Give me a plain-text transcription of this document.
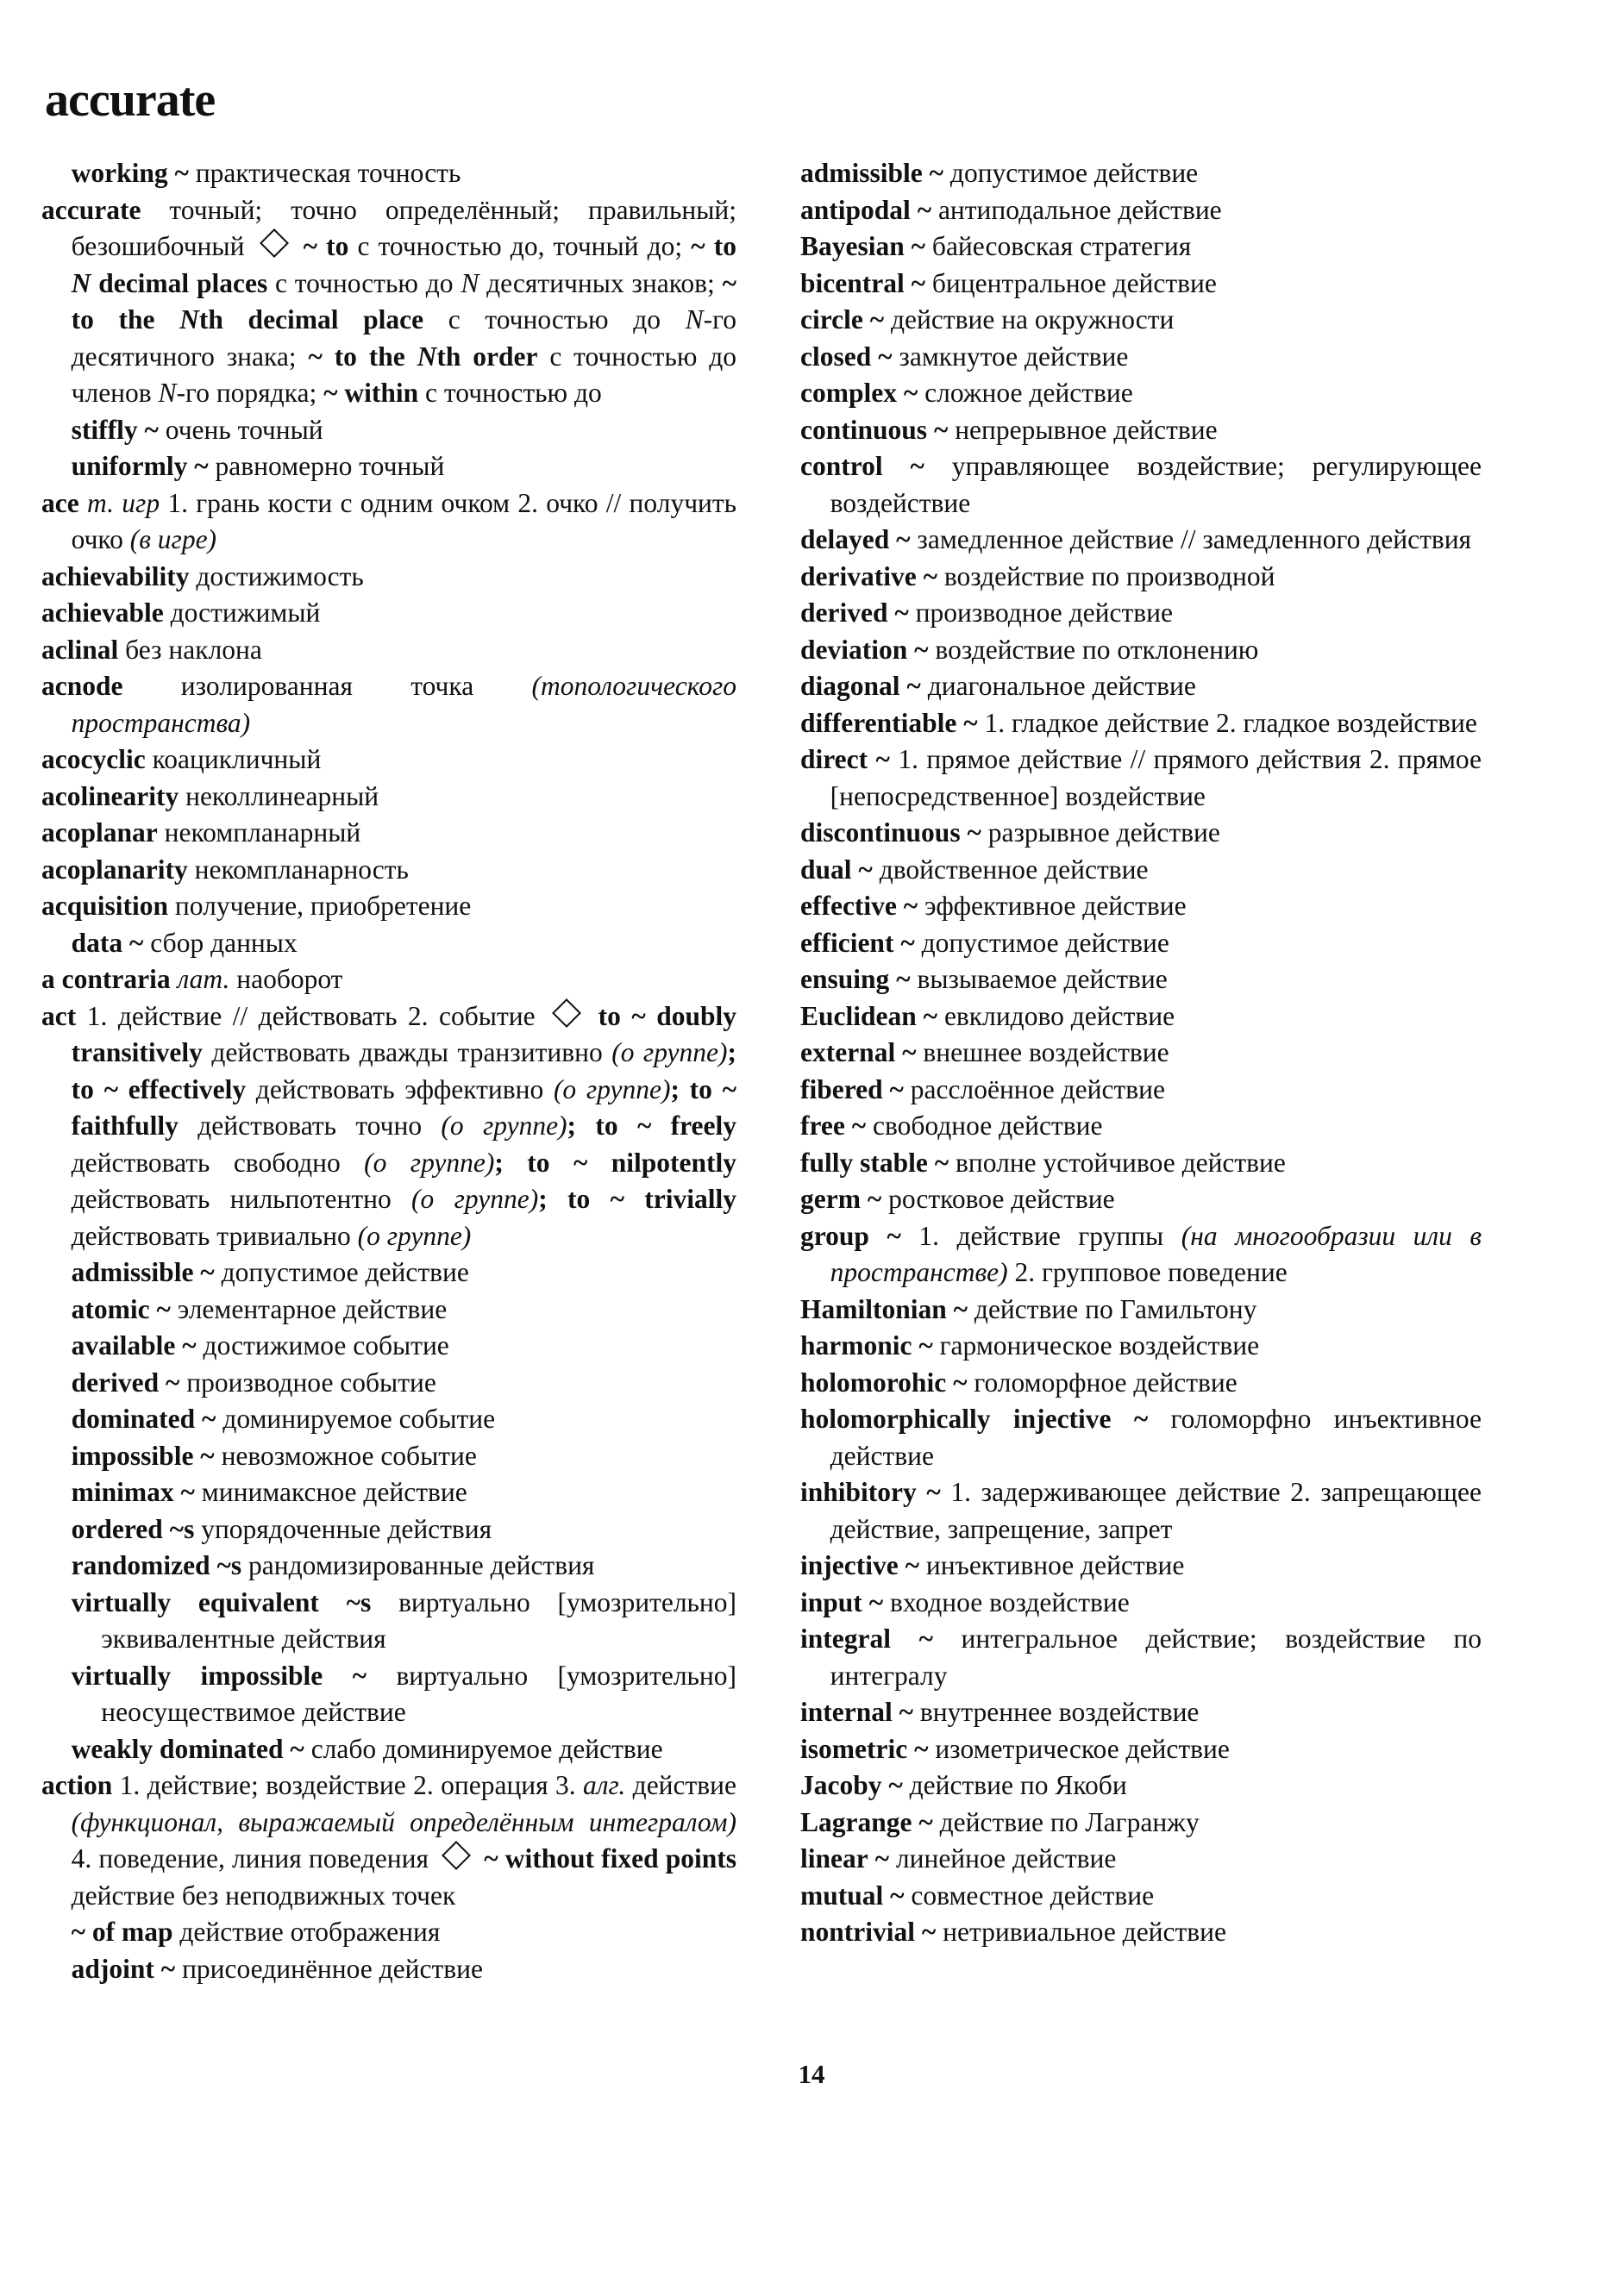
accurate
working ~ практическая точность
accurate точный; точно определённый; правильный; безошибочный ~ to с точностью до, точный до; ~ to N decimal places с точностью до N десятичных знаков; ~ to the Nth decimal place с точностью до N-го десятичного знака; ~ to the Nth order с точностью до членов N-го порядка; ~ within с точностью до
stiffly ~ очень точный
uniformly ~ равномерно точный
ace т. игр 1. грань кости с одним очком 2. очко // получить очко (в игре)
achievability достижимость
achievable достижимый
aclinal без наклона
acnode изолированная точка (топологического пространства)
acocyclic коацикличный
acolinearity неколлинеарный
acoplanar некомпланарный
acoplanarity некомпланарность
acquisition получение, приобретение
data ~ сбор данных
a contraria лат. наоборот
act 1. действие // действовать 2. событие to ~ doubly transitively действовать дважды транзитивно (о группе); to ~ effectively действовать эффективно (о группе); to ~ faithfully действовать точно (о группе); to ~ freely действовать свободно (о группе); to ~ nilpotently действовать нильпотентно (о группе); to ~ trivially действовать тривиально (о группе)
admissible ~ допустимое действие
atomic ~ элементарное действие
available ~ достижимое событие
derived ~ производное событие
dominated ~ доминируемое событие
impossible ~ невозможное событие
minimax ~ минимаксное действие
ordered ~s упорядоченные действия
randomized ~s рандомизированные действия
virtually equivalent ~s виртуально [умозрительно] эквивалентные действия
virtually impossible ~ виртуально [умозрительно] неосуществимое действие
weakly dominated ~ слабо доминируемое действие
action 1. действие; воздействие 2. операция 3. алг. действие (функционал, выражаемый определённым интегралом) 4. поведение, линия поведения ~ without fixed points действие без неподвижных точек
~ of map действие отображения
adjoint ~ присоединённое действие
admissible ~ допустимое действие
antipodal ~ антиподальное действие
Bayesian ~ байесовская стратегия
bicentral ~ бицентральное действие
circle ~ действие на окружности
closed ~ замкнутое действие
complex ~ сложное действие
continuous ~ непрерывное действие
control ~ управляющее воздействие; регулирующее воздействие
delayed ~ замедленное действие // замедленного действия
derivative ~ воздействие по производной
derived ~ производное действие
deviation ~ воздействие по отклонению
diagonal ~ диагональное действие
differentiable ~ 1. гладкое действие 2. гладкое воздействие
direct ~ 1. прямое действие // прямого действия 2. прямое [непосредственное] воздействие
discontinuous ~ разрывное действие
dual ~ двойственное действие
effective ~ эффективное действие
efficient ~ допустимое действие
ensuing ~ вызываемое действие
Euclidean ~ евклидово действие
external ~ внешнее воздействие
fibered ~ расслоённое действие
free ~ свободное действие
fully stable ~ вполне устойчивое действие
germ ~ ростковое действие
group ~ 1. действие группы (на многообразии или в пространстве) 2. групповое поведение
Hamiltonian ~ действие по Гамильтону
harmonic ~ гармоническое воздействие
holomorohic ~ голоморфное действие
holomorphically injective ~ голоморфно инъективное действие
inhibitory ~ 1. задерживающее действие 2. запрещающее действие, запрещение, запрет
injective ~ инъективное действие
input ~ входное воздействие
integral ~ интегральное действие; воздействие по интегралу
internal ~ внутреннее воздействие
isometric ~ изометрическое действие
Jacoby ~ действие по Якоби
Lagrange ~ действие по Лагранжу
linear ~ линейное действие
mutual ~ совместное действие
nontrivial ~ нетривиальное действие
14
